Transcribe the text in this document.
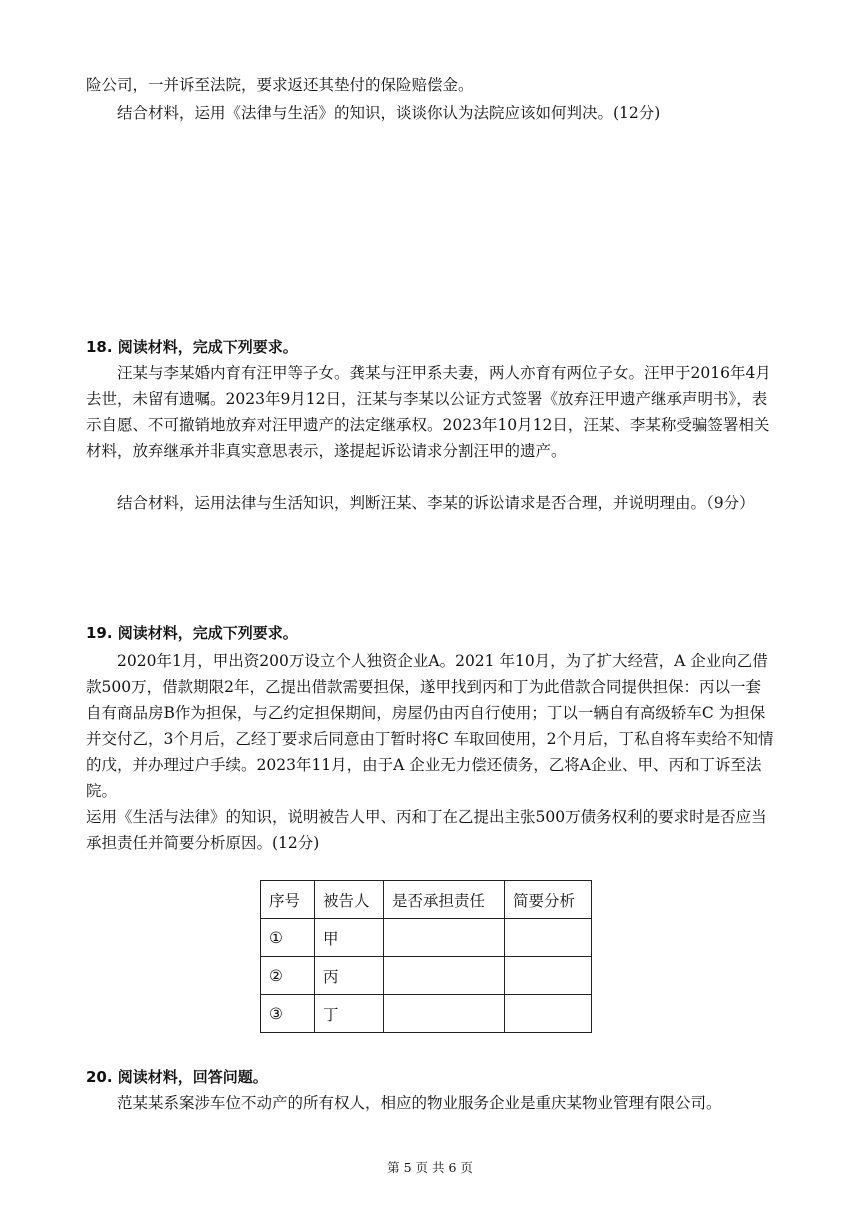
险公司，一并诉至法院，要求返还其垫付的保险赔偿金。

结合材料，运用《法律与生活》的知识，谈谈你认为法院应该如何判决。(12分)

18. 阅读材料，完成下列要求。

汪某与李某婚内育有汪甲等子女。龚某与汪甲系夫妻，两人亦育有两位子女。汪甲于2016年4月去世，未留有遗嘱。2023年9月12日，汪某与李某以公证方式签署《放弃汪甲遗产继承声明书》，表示自愿、不可撤销地放弃对汪甲遗产的法定继承权。2023年10月12日，汪某、李某称受骗签署相关材料，放弃继承并非真实意思表示，遂提起诉讼请求分割汪甲的遗产。

结合材料，运用法律与生活知识，判断汪某、李某的诉讼请求是否合理，并说明理由。（9分）

19. 阅读材料，完成下列要求。

2020年1月，甲出资200万设立个人独资企业A。2021 年10月，为了扩大经营，A 企业向乙借款500万，借款期限2年，乙提出借款需要担保，遂甲找到丙和丁为此借款合同提供担保：丙以一套自有商品房B作为担保，与乙约定担保期间，房屋仍由丙自行使用；丁以一辆自有高级轿车C 为担保并交付乙，3个月后，乙经丁要求后同意由丁暂时将C 车取回使用，2个月后，丁私自将车卖给不知情的戊，并办理过户手续。2023年11月，由于A 企业无力偿还债务，乙将A企业、甲、丙和丁诉至法院。

运用《生活与法律》的知识，说明被告人甲、丙和丁在乙提出主张500万债务权利的要求时是否应当承担责任并简要分析原因。(12分)

序号	被告人	是否承担责任	简要分析
①	甲		
②	丙		
③	丁		

20. 阅读材料，回答问题。

范某某系案涉车位不动产的所有权人，相应的物业服务企业是重庆某物业管理有限公司。

第 5 页 共 6 页
